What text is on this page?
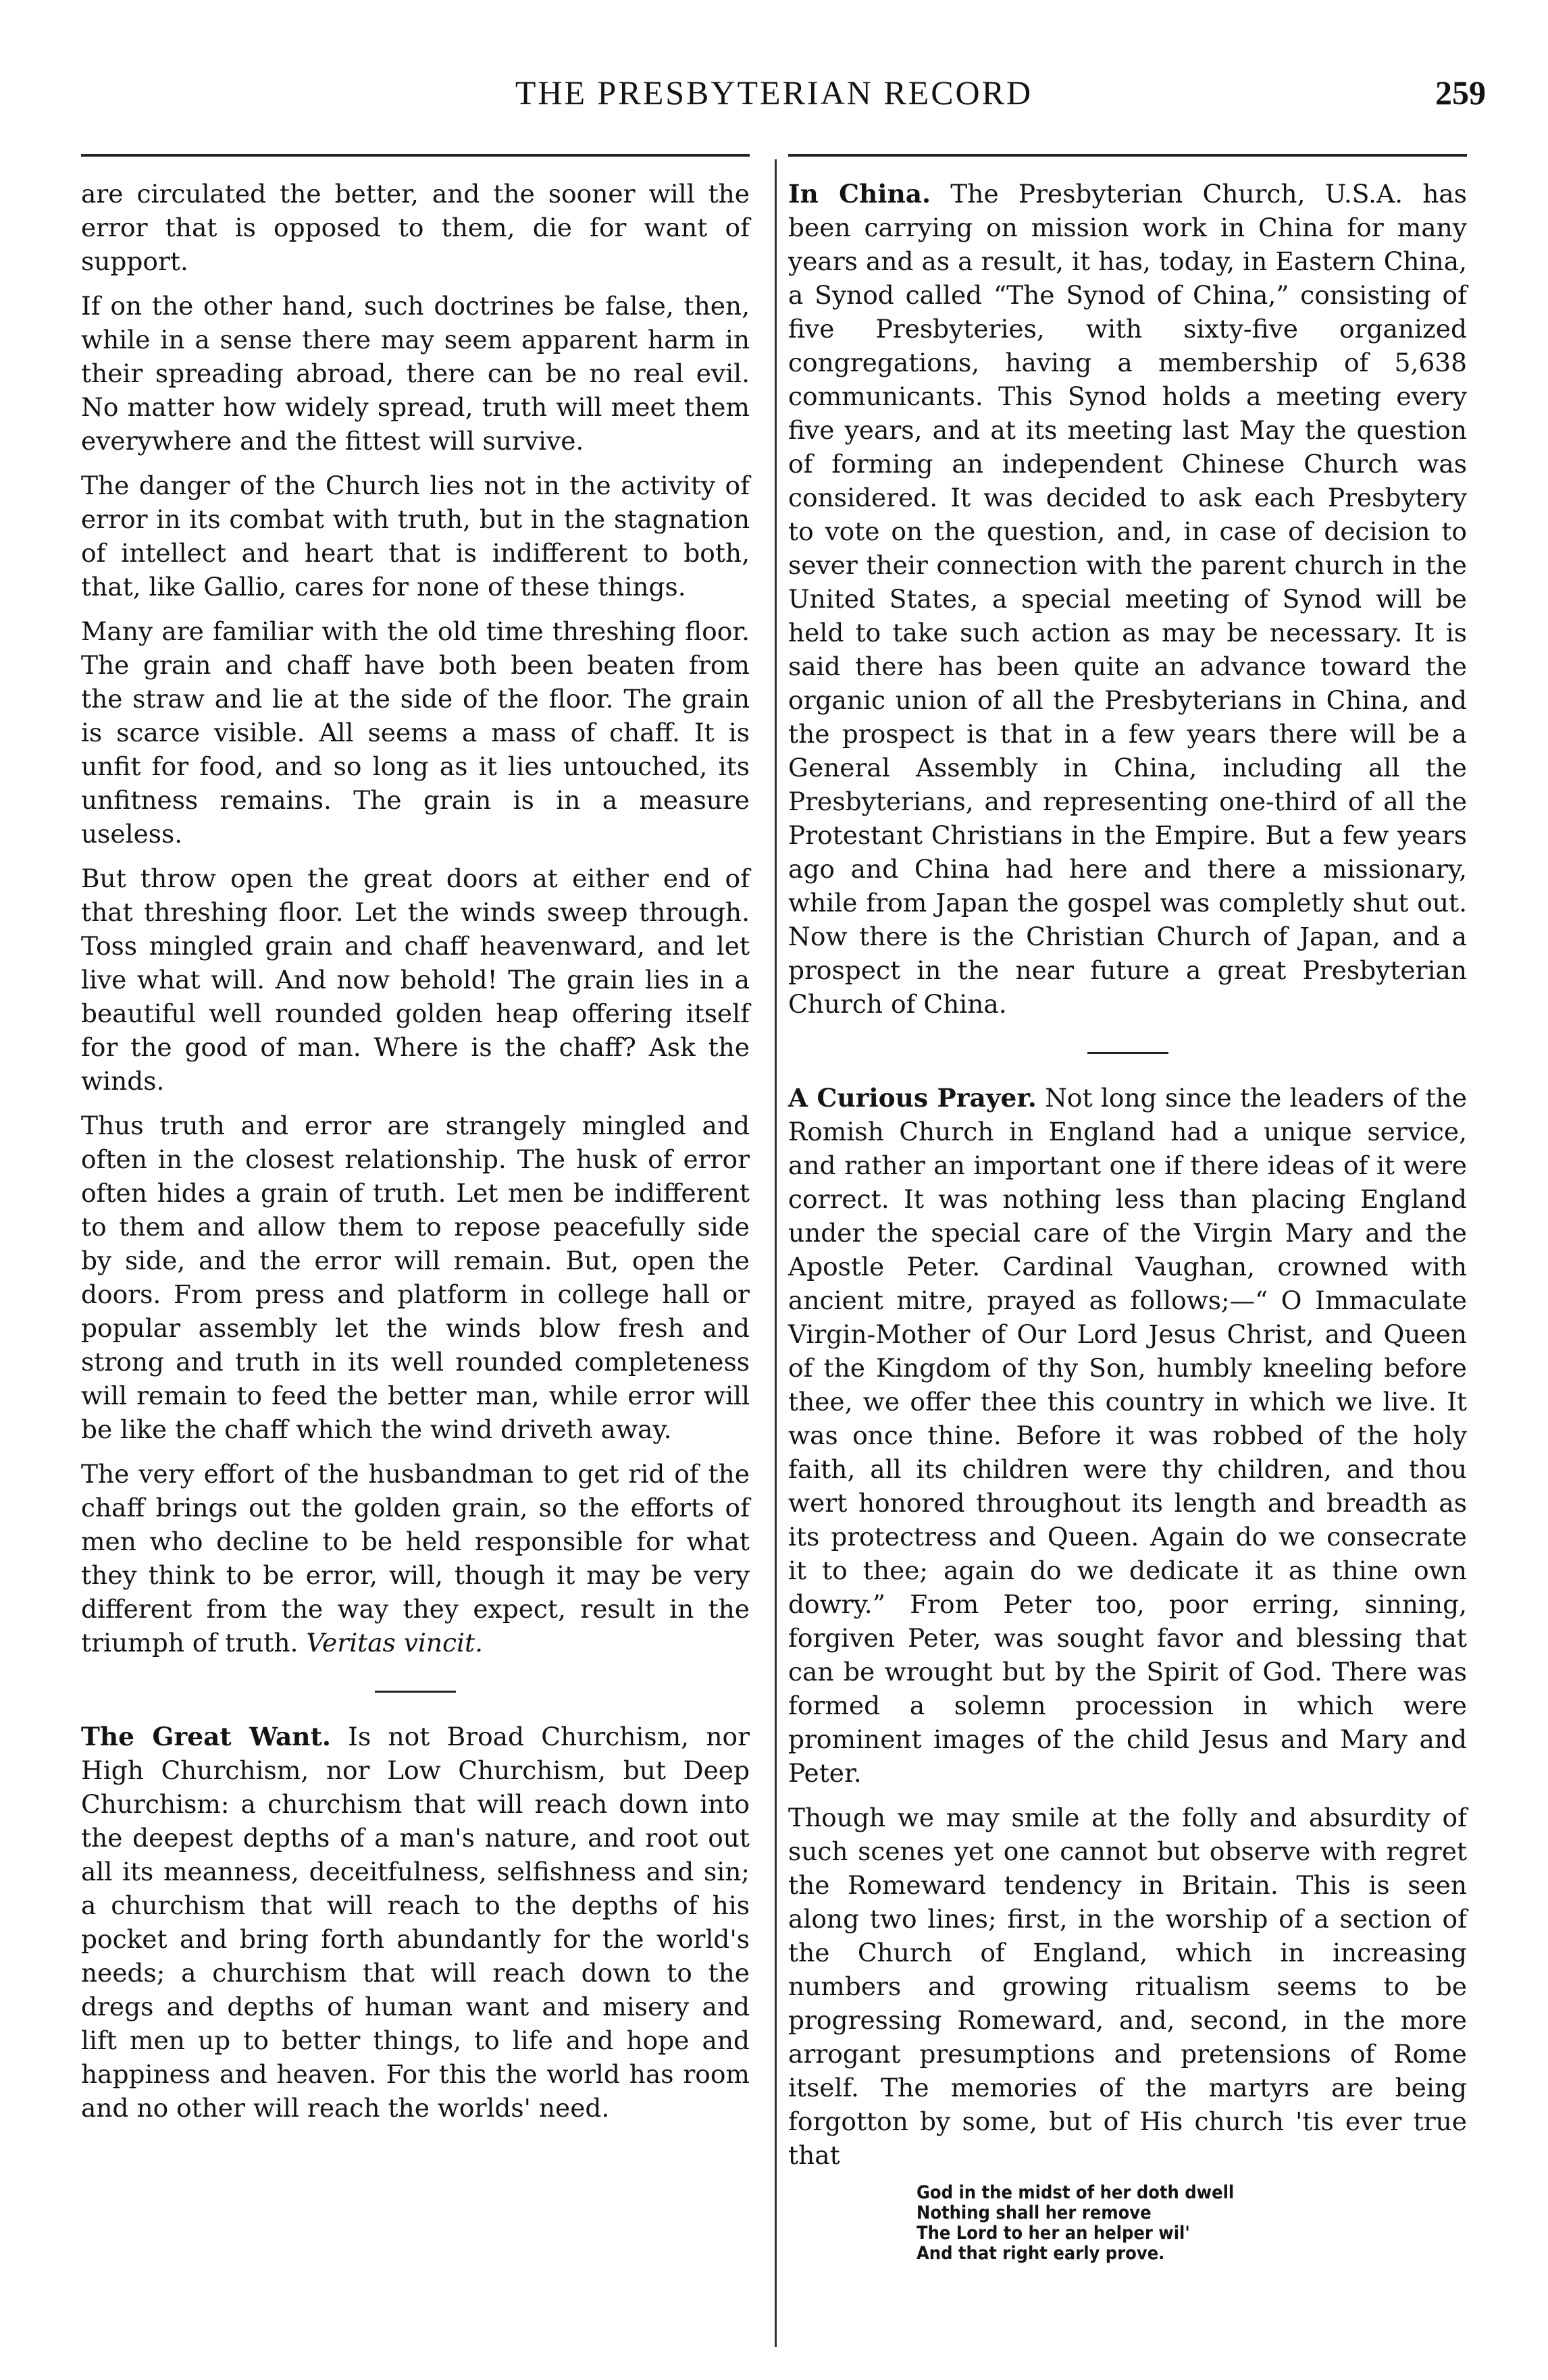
THE PRESBYTERIAN RECORD	259

are circulated the better, and the sooner will the error that is opposed to them, die for want of support.

If on the other hand, such doctrines be false, then, while in a sense there may seem apparent harm in their spreading abroad, there can be no real evil. No matter how widely spread, truth will meet them everywhere and the fittest will survive.

The danger of the Church lies not in the activity of error in its combat with truth, but in the stagnation of intellect and heart that is indifferent to both, that, like Gallio, cares for none of these things.

Many are familiar with the old time threshing floor. The grain and chaff have both been beaten from the straw and lie at the side of the floor. The grain is scarce visible. All seems a mass of chaff. It is unfit for food, and so long as it lies untouched, its unfitness remains. The grain is in a measure useless.

But throw open the great doors at either end of that threshing floor. Let the winds sweep through. Toss mingled grain and chaff heavenward, and let live what will. And now behold! The grain lies in a beautiful well rounded golden heap offering itself for the good of man. Where is the chaff? Ask the winds.

Thus truth and error are strangely mingled and often in the closest relationship. The husk of error often hides a grain of truth. Let men be indifferent to them and allow them to repose peacefully side by side, and the error will remain. But, open the doors. From press and platform in college hall or popular assembly let the winds blow fresh and strong and truth in its well rounded completeness will remain to feed the better man, while error will be like the chaff which the wind driveth away.

The very effort of the husbandman to get rid of the chaff brings out the golden grain, so the efforts of men who decline to be held responsible for what they think to be error, will, though it may be very different from the way they expect, result in the triumph of truth. Veritas vincit.

The Great Want. Is not Broad Churchism, nor High Churchism, nor Low Churchism, but Deep Churchism: a churchism that will reach down into the deepest depths of a man's nature, and root out all its meanness, deceitfulness, selfishness and sin; a churchism that will reach to the depths of his pocket and bring forth abundantly for the world's needs; a churchism that will reach down to the dregs and depths of human want and misery and lift men up to better things, to life and hope and happiness and heaven. For this the world has room and no other will reach the worlds' need.

In China. The Presbyterian Church, U.S.A. has been carrying on mission work in China for many years and as a result, it has, today, in Eastern China, a Synod called “The Synod of China,” consisting of five Presbyteries, with sixty-five organized congregations, having a membership of 5,638 communicants. This Synod holds a meeting every five years, and at its meeting last May the question of forming an independent Chinese Church was considered. It was decided to ask each Presbytery to vote on the question, and, in case of decision to sever their connection with the parent church in the United States, a special meeting of Synod will be held to take such action as may be necessary. It is said there has been quite an advance toward the organic union of all the Presbyterians in China, and the prospect is that in a few years there will be a General Assembly in China, including all the Presbyterians, and representing one-third of all the Protestant Christians in the Empire. But a few years ago and China had here and there a missionary, while from Japan the gospel was completly shut out. Now there is the Christian Church of Japan, and a prospect in the near future a great Presbyterian Church of China.

A Curious Prayer. Not long since the leaders of the Romish Church in England had a unique service, and rather an important one if there ideas of it were correct. It was nothing less than placing England under the special care of the Virgin Mary and the Apostle Peter. Cardinal Vaughan, crowned with ancient mitre, prayed as follows;—“ O Immaculate Virgin-Mother of Our Lord Jesus Christ, and Queen of the Kingdom of thy Son, humbly kneeling before thee, we offer thee this country in which we live. It was once thine. Before it was robbed of the holy faith, all its children were thy children, and thou wert honored throughout its length and breadth as its protectress and Queen. Again do we consecrate it to thee; again do we dedicate it as thine own dowry.” From Peter too, poor erring, sinning, forgiven Peter, was sought favor and blessing that can be wrought but by the Spirit of God. There was formed a solemn procession in which were prominent images of the child Jesus and Mary and Peter.

Though we may smile at the folly and absurdity of such scenes yet one cannot but observe with regret the Romeward tendency in Britain. This is seen along two lines; first, in the worship of a section of the Church of England, which in increasing numbers and growing ritualism seems to be progressing Romeward, and, second, in the more arrogant presumptions and pretensions of Rome itself. The memories of the martyrs are being forgotton by some, but of His church 'tis ever true that

God in the midst of her doth dwell
Nothing shall her remove
The Lord to her an helper wil'
And that right early prove.
